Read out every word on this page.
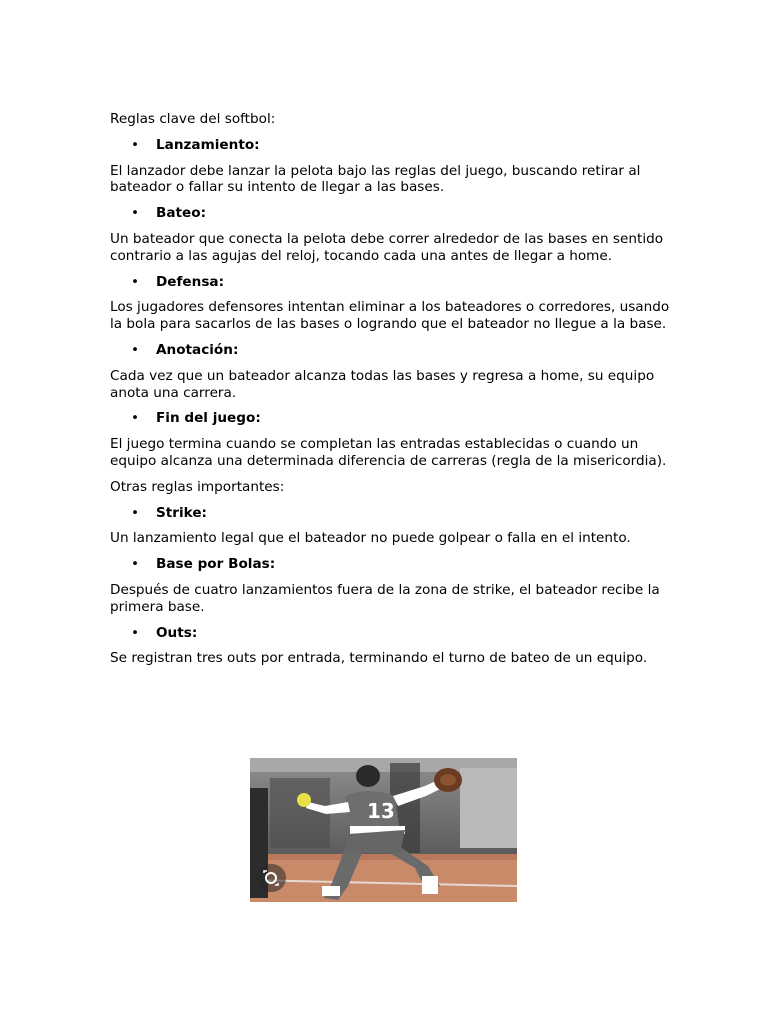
Reglas clave del softbol:

• Lanzamiento:

El lanzador debe lanzar la pelota bajo las reglas del juego, buscando retirar al bateador o fallar su intento de llegar a las bases.

• Bateo:

Un bateador que conecta la pelota debe correr alrededor de las bases en sentido contrario a las agujas del reloj, tocando cada una antes de llegar a home.

• Defensa:

Los jugadores defensores intentan eliminar a los bateadores o corredores, usando la bola para sacarlos de las bases o logrando que el bateador no llegue a la base.

• Anotación:

Cada vez que un bateador alcanza todas las bases y regresa a home, su equipo anota una carrera.

• Fin del juego:

El juego termina cuando se completan las entradas establecidas o cuando un equipo alcanza una determinada diferencia de carreras (regla de la misericordia).

Otras reglas importantes:

• Strike:

Un lanzamiento legal que el bateador no puede golpear o falla en el intento.

• Base por Bolas:

Después de cuatro lanzamientos fuera de la zona de strike, el bateador recibe la primera base.

• Outs:

Se registran tres outs por entrada, terminando el turno de bateo de un equipo.

13
